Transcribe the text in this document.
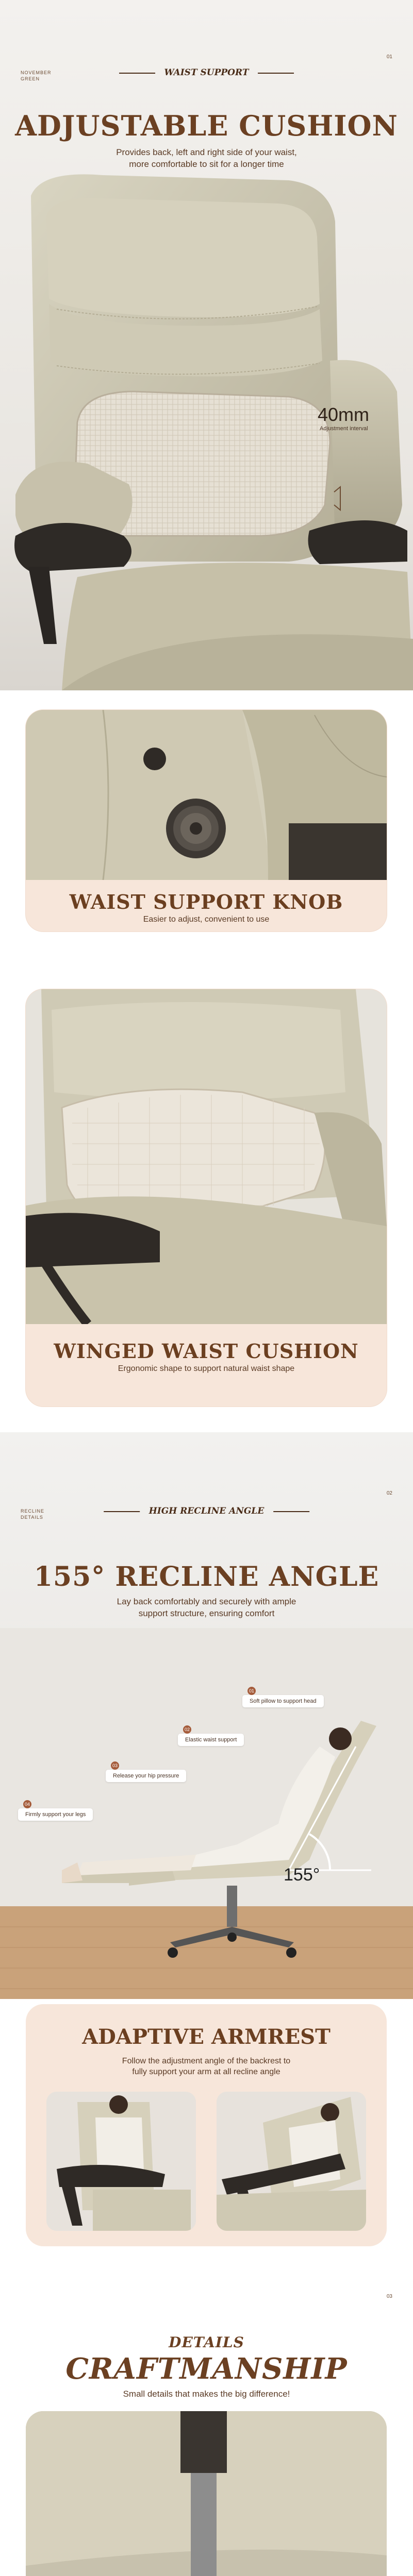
NOVEMBER
GREEN
01
WAIST SUPPORT
ADJUSTABLE CUSHION
Provides back, left and right side of your waist,
more comfortable to sit for a longer time
40mm
Adjustment interval
WAIST SUPPORT KNOB
Easier to adjust, convenient to use
WINGED WAIST CUSHION
Ergonomic shape to support natural waist shape
RECLINE
DETAILS
02
HIGH RECLINE ANGLE
155° RECLINE ANGLE
Lay back comfortably and securely with ample
support structure, ensuring comfort
155°
01
Soft pillow to support head
02
Elastic waist support
03
Release your hip pressure
04
Firmly support your legs
ADAPTIVE ARMREST
Follow the adjustment angle of the backrest to
fully support your arm at all recline angle
03
DETAILS
CRAFTMANSHIP
Small details that makes the big difference!
